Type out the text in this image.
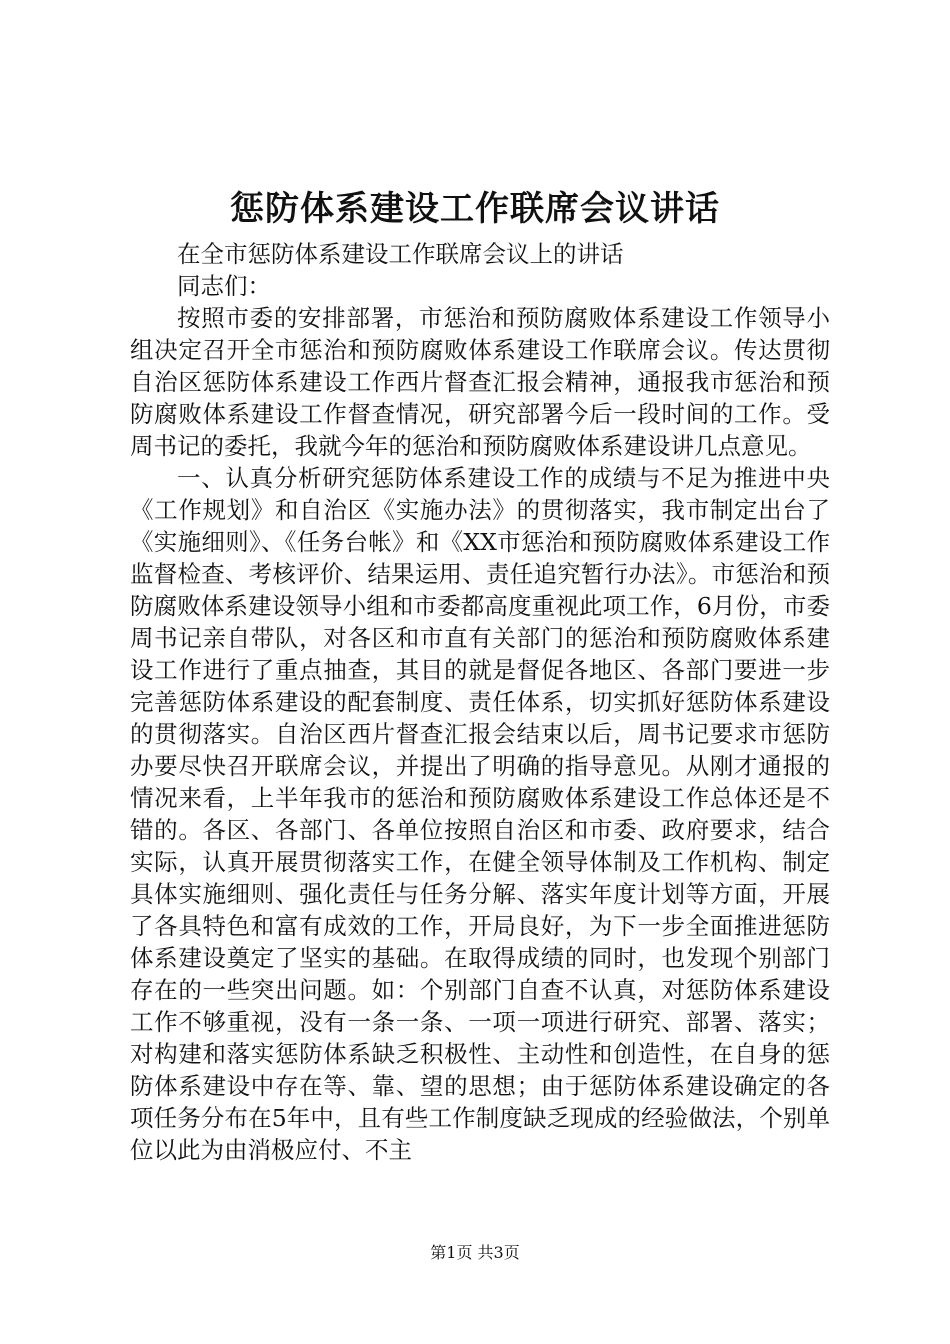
惩防体系建设工作联席会议讲话

在全市惩防体系建设工作联席会议上的讲话

同志们：

按照市委的安排部署，市惩治和预防腐败体系建设工作领导小组决定召开全市惩治和预防腐败体系建设工作联席会议。传达贯彻自治区惩防体系建设工作西片督查汇报会精神，通报我市惩治和预防腐败体系建设工作督查情况，研究部署今后一段时间的工作。受周书记的委托，我就今年的惩治和预防腐败体系建设讲几点意见。

一、认真分析研究惩防体系建设工作的成绩与不足为推进中央《工作规划》和自治区《实施办法》的贯彻落实，我市制定出台了《实施细则》、《任务台帐》和《XX市惩治和预防腐败体系建设工作监督检查、考核评价、结果运用、责任追究暂行办法》。市惩治和预防腐败体系建设领导小组和市委都高度重视此项工作，6月份，市委周书记亲自带队，对各区和市直有关部门的惩治和预防腐败体系建设工作进行了重点抽查，其目的就是督促各地区、各部门要进一步完善惩防体系建设的配套制度、责任体系，切实抓好惩防体系建设的贯彻落实。自治区西片督查汇报会结束以后，周书记要求市惩防办要尽快召开联席会议，并提出了明确的指导意见。从刚才通报的情况来看，上半年我市的惩治和预防腐败体系建设工作总体还是不错的。各区、各部门、各单位按照自治区和市委、政府要求，结合实际，认真开展贯彻落实工作，在健全领导体制及工作机构、制定具体实施细则、强化责任与任务分解、落实年度计划等方面，开展了各具特色和富有成效的工作，开局良好，为下一步全面推进惩防体系建设奠定了坚实的基础。在取得成绩的同时，也发现个别部门存在的一些突出问题。如：个别部门自查不认真，对惩防体系建设工作不够重视，没有一条一条、一项一项进行研究、部署、落实；对构建和落实惩防体系缺乏积极性、主动性和创造性，在自身的惩防体系建设中存在等、靠、望的思想；由于惩防体系建设确定的各项任务分布在5年中，且有些工作制度缺乏现成的经验做法，个别单位以此为由消极应付、不主

第1页 共3页
